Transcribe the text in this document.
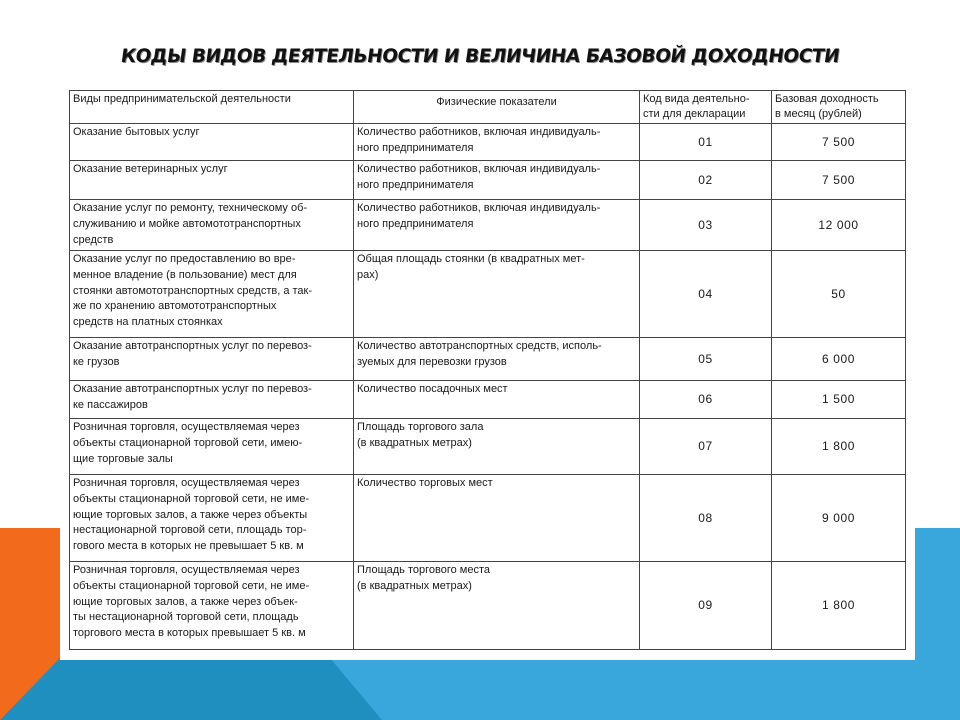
КОДЫ ВИДОВ ДЕЯТЕЛЬНОСТИ И ВЕЛИЧИНА БАЗОВОЙ ДОХОДНОСТИ
Виды предпринимательской деятельности	Физические показатели	Код вида деятельно-
сти для декларации	Базовая доходность
в месяц (рублей)
Оказание бытовых услуг	Количество работников, включая индивидуаль-
ного предпринимателя	01	7 500
Оказание ветеринарных услуг	Количество работников, включая индивидуаль-
ного предпринимателя	02	7 500
Оказание услуг по ремонту, техническому об-
служиванию и мойке автомототранспортных
средств	Количество работников, включая индивидуаль-
ного предпринимателя	03	12 000
Оказание услуг по предоставлению во вре-
менное владение (в пользование) мест для
стоянки автомототранспортных средств, а так-
же по хранению автомототранспортных
средств на платных стоянках	Общая площадь стоянки (в квадратных мет-
рах)	04	50
Оказание автотранспортных услуг по перевоз-
ке грузов	Количество автотранспортных средств, исполь-
зуемых для перевозки грузов	05	6 000
Оказание автотранспортных услуг по перевоз-
ке пассажиров	Количество посадочных мест	06	1 500
Розничная торговля, осуществляемая через
объекты стационарной торговой сети, имею-
щие торговые залы	Площадь торгового зала
(в квадратных метрах)	07	1 800
Розничная торговля, осуществляемая через
объекты стационарной торговой сети, не име-
ющие торговых залов, а также через объекты
нестационарной торговой сети, площадь тор-
гового места в которых не превышает 5 кв. м	Количество торговых мест	08	9 000
Розничная торговля, осуществляемая через
объекты стационарной торговой сети, не име-
ющие торговых залов, а также через объек-
ты нестационарной торговой сети, площадь
торгового места в которых превышает 5 кв. м	Площадь торгового места
(в квадратных метрах)	09	1 800
